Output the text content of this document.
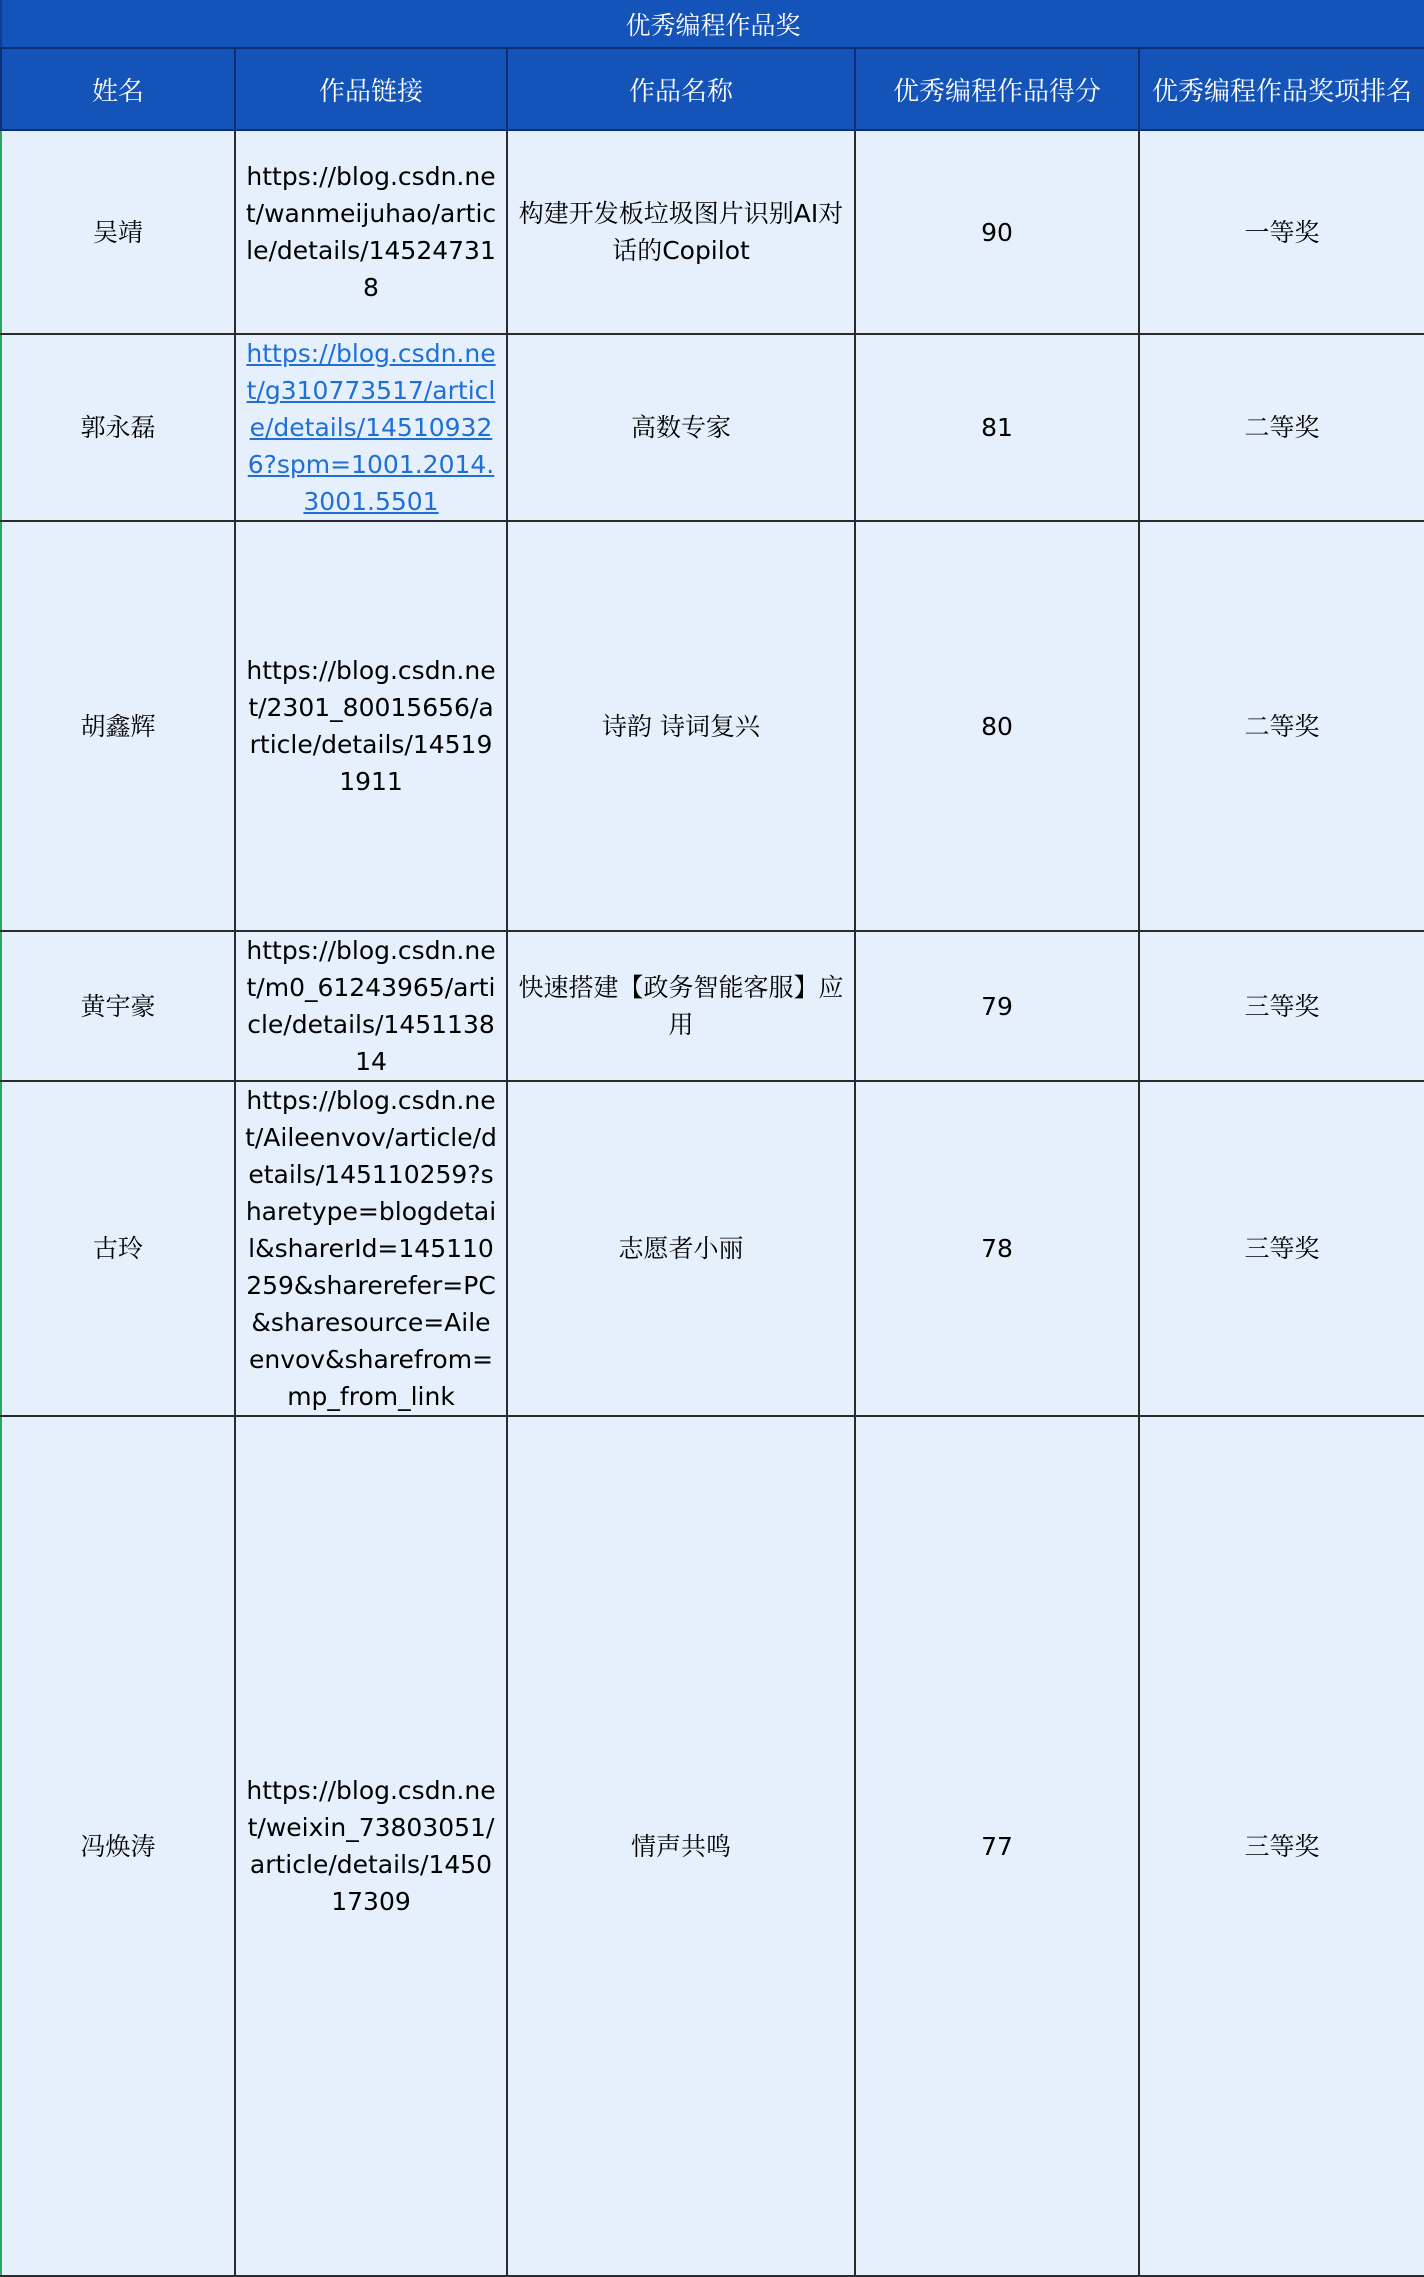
优秀编程作品奖
姓名	作品链接	作品名称	优秀编程作品得分	优秀编程作品奖项排名
吴靖	https://blog.csdn.net/wanmeijuhao/article/details/145247318	构建开发板垃圾图片识别AI对话的Copilot	90	一等奖
郭永磊	https://blog.csdn.net/g310773517/article/details/145109326?spm=1001.2014.3001.5501	高数专家	81	二等奖
胡鑫辉	https://blog.csdn.net/2301_80015656/article/details/145191911	诗韵 诗词复兴	80	二等奖
黄宇豪	https://blog.csdn.net/m0_61243965/article/details/145113814	快速搭建【政务智能客服】应用	79	三等奖
古玲	https://blog.csdn.net/Aileenvov/article/details/145110259?sharetype=blogdetail&sharerId=145110259&sharerefer=PC&sharesource=Aileenvov&sharefrom=mp_from_link	志愿者小丽	78	三等奖
冯焕涛	https://blog.csdn.net/weixin_73803051/article/details/145017309	情声共鸣	77	三等奖
